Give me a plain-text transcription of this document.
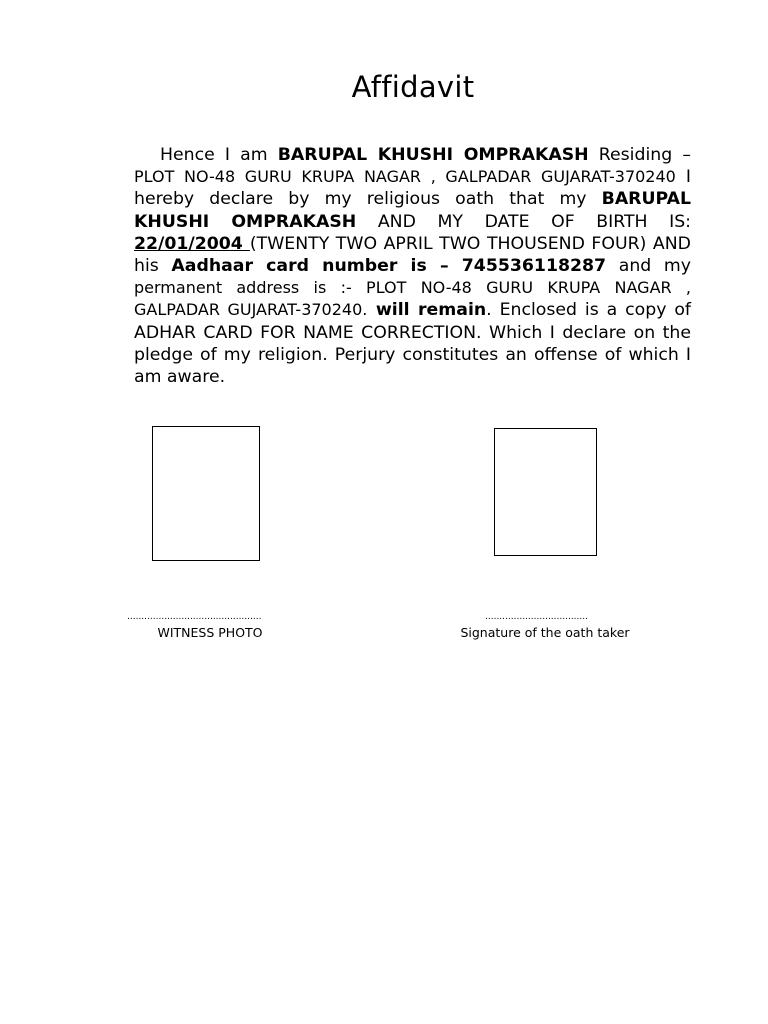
Affidavit

Hence I am BARUPAL KHUSHI OMPRAKASH Residing – PLOT NO-48 GURU KRUPA NAGAR , GALPADAR GUJARAT-370240 I hereby declare by my religious oath that my BARUPAL KHUSHI OMPRAKASH AND MY DATE OF BIRTH IS: 22/01/2004 (TWENTY TWO APRIL TWO THOUSEND FOUR) AND his Aadhaar card number is – 745536118287 and my permanent address is :- PLOT NO-48 GURU KRUPA NAGAR , GALPADAR GUJARAT-370240. will remain. Enclosed is a copy of ADHAR CARD FOR NAME CORRECTION. Which I declare on the pledge of my religion. Perjury constitutes an offense of which I am aware.

...............................................	....................................
WITNESS PHOTO	Signature of the oath taker
